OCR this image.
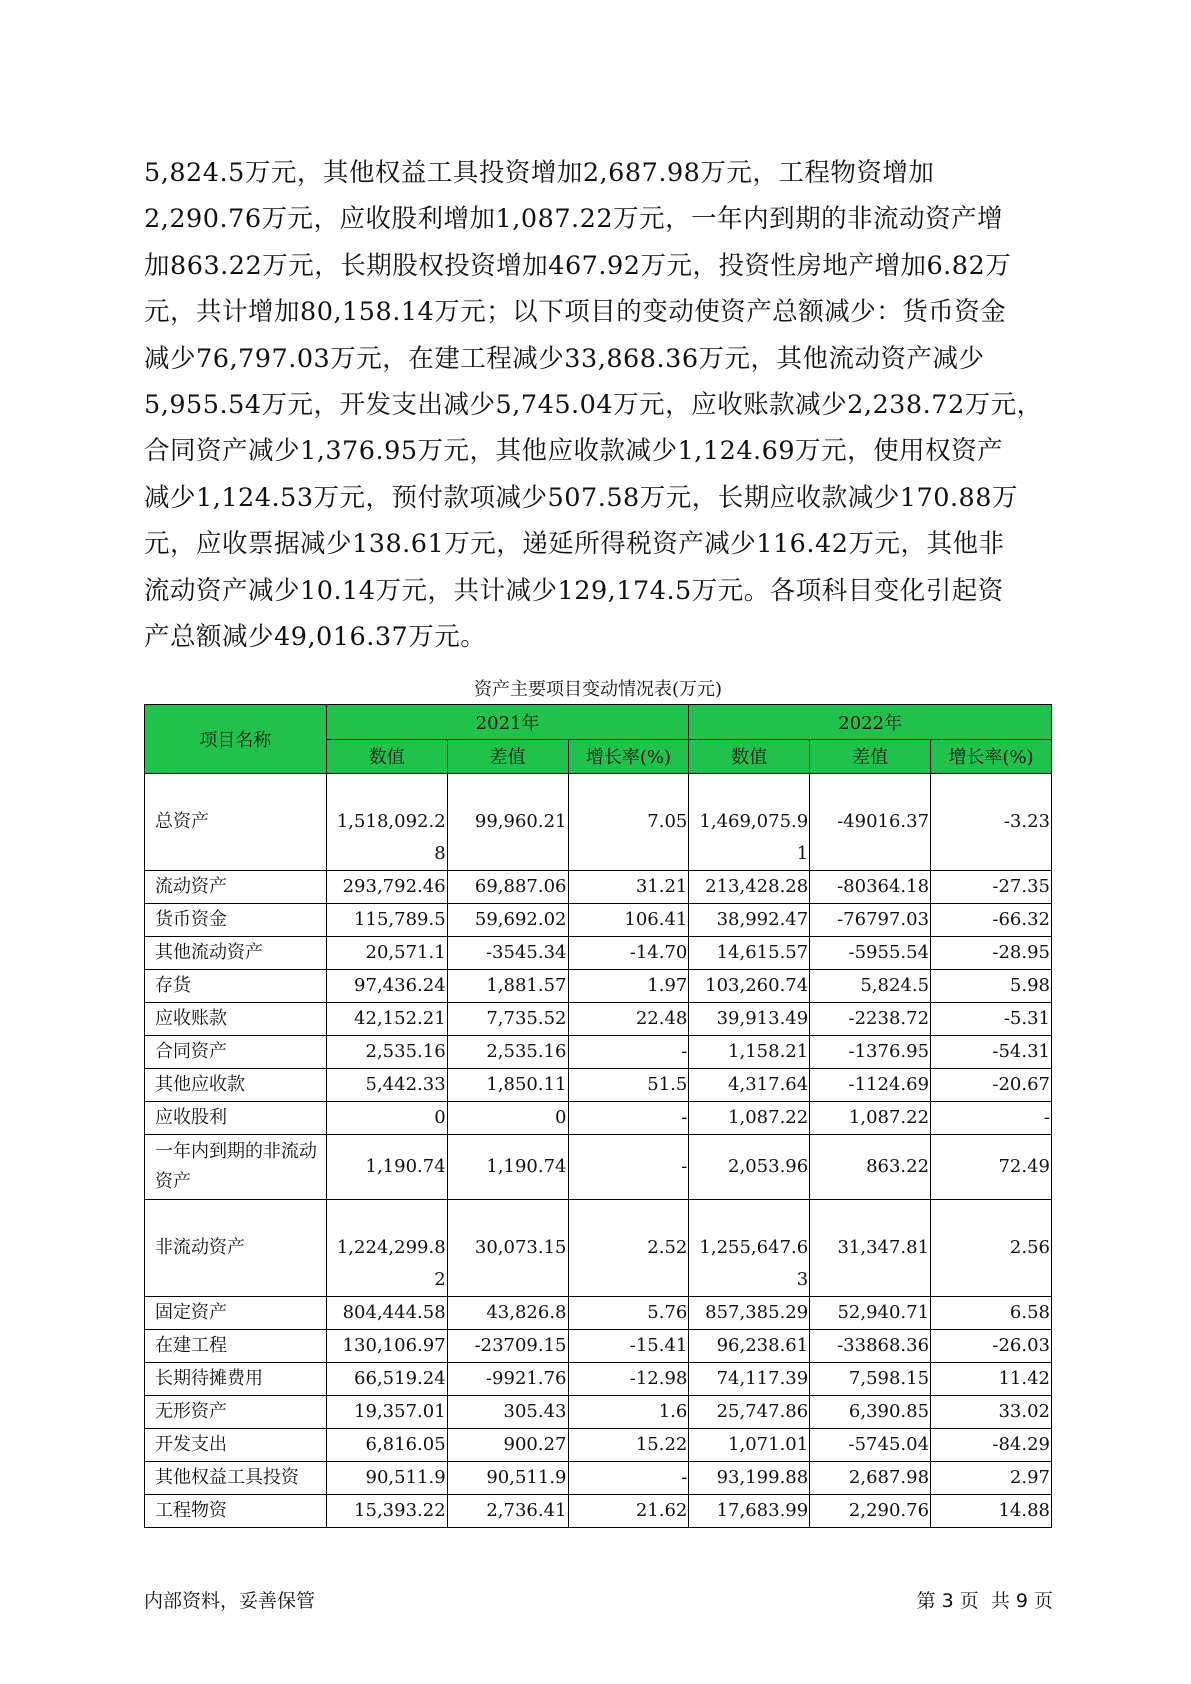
5,824.5万元，其他权益工具投资增加2,687.98万元，工程物资增加
2,290.76万元，应收股利增加1,087.22万元，一年内到期的非流动资产增
加863.22万元，长期股权投资增加467.92万元，投资性房地产增加6.82万
元，共计增加80,158.14万元；以下项目的变动使资产总额减少：货币资金
减少76,797.03万元，在建工程减少33,868.36万元，其他流动资产减少
5,955.54万元，开发支出减少5,745.04万元，应收账款减少2,238.72万元，
合同资产减少1,376.95万元，其他应收款减少1,124.69万元，使用权资产
减少1,124.53万元，预付款项减少507.58万元，长期应收款减少170.88万
元，应收票据减少138.61万元，递延所得税资产减少116.42万元，其他非
流动资产减少10.14万元，共计减少129,174.5万元。各项科目变化引起资
产总额减少49,016.37万元。
资产主要项目变动情况表(万元)
项目名称	2021年			2022年		
	数值	差值	增长率(%)	数值	差值	增长率(%)
总资产	1,518,092.28	99,960.21	7.05	1,469,075.91	-49016.37	-3.23
流动资产	293,792.46	69,887.06	31.21	213,428.28	-80364.18	-27.35
货币资金	115,789.5	59,692.02	106.41	38,992.47	-76797.03	-66.32
其他流动资产	20,571.1	-3545.34	-14.70	14,615.57	-5955.54	-28.95
存货	97,436.24	1,881.57	1.97	103,260.74	5,824.5	5.98
应收账款	42,152.21	7,735.52	22.48	39,913.49	-2238.72	-5.31
合同资产	2,535.16	2,535.16	-	1,158.21	-1376.95	-54.31
其他应收款	5,442.33	1,850.11	51.5	4,317.64	-1124.69	-20.67
应收股利	0	0	-	1,087.22	1,087.22	-
一年内到期的非流动资产	1,190.74	1,190.74	-	2,053.96	863.22	72.49
非流动资产	1,224,299.82	30,073.15	2.52	1,255,647.63	31,347.81	2.56
固定资产	804,444.58	43,826.8	5.76	857,385.29	52,940.71	6.58
在建工程	130,106.97	-23709.15	-15.41	96,238.61	-33868.36	-26.03
长期待摊费用	66,519.24	-9921.76	-12.98	74,117.39	7,598.15	11.42
无形资产	19,357.01	305.43	1.6	25,747.86	6,390.85	33.02
开发支出	6,816.05	900.27	15.22	1,071.01	-5745.04	-84.29
其他权益工具投资	90,511.9	90,511.9	-	93,199.88	2,687.98	2.97
工程物资	15,393.22	2,736.41	21.62	17,683.99	2,290.76	14.88
内部资料，妥善保管	第 3 页  共 9 页
